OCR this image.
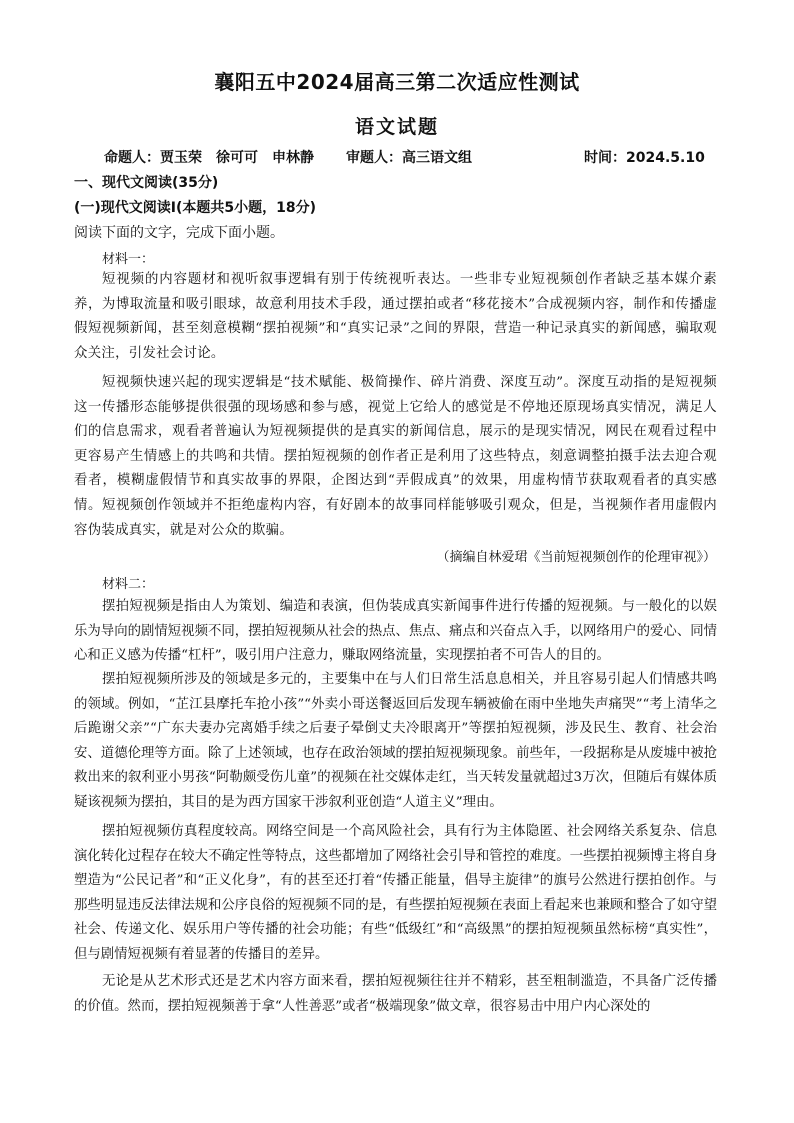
襄阳五中2024届高三第二次适应性测试
语文试题
命题人：贾玉荣　徐可可　申林静 审题人：高三语文组	时间：2024.5.10
一、现代文阅读(35分)
(一)现代文阅读Ⅰ(本题共5小题，18分)
阅读下面的文字，完成下面小题。
材料一：

短视频的内容题材和视听叙事逻辑有别于传统视听表达。一些非专业短视频创作者缺乏基本媒介素养，为博取流量和吸引眼球，故意利用技术手段，通过摆拍或者“移花接木”合成视频内容，制作和传播虚假短视频新闻，甚至刻意模糊“摆拍视频”和“真实记录”之间的界限，营造一种记录真实的新闻感，骗取观众关注，引发社会讨论。

短视频快速兴起的现实逻辑是“技术赋能、极简操作、碎片消费、深度互动”。深度互动指的是短视频这一传播形态能够提供很强的现场感和参与感，视觉上它给人的感觉是不停地还原现场真实情况，满足人们的信息需求，观看者普遍认为短视频提供的是真实的新闻信息，展示的是现实情况，网民在观看过程中更容易产生情感上的共鸣和共情。摆拍短视频的创作者正是利用了这些特点，刻意调整拍摄手法去迎合观看者，模糊虚假情节和真实故事的界限，企图达到“弄假成真”的效果，用虚构情节获取观看者的真实感情。短视频创作领域并不拒绝虚构内容，有好剧本的故事同样能够吸引观众，但是，当视频作者用虚假内容伪装成真实，就是对公众的欺骗。

（摘编自林爱珺《当前短视频创作的伦理审视》）
材料二：

摆拍短视频是指由人为策划、编造和表演，但伪装成真实新闻事件进行传播的短视频。与一般化的以娱乐为导向的剧情短视频不同，摆拍短视频从社会的热点、焦点、痛点和兴奋点入手，以网络用户的爱心、同情心和正义感为传播“杠杆”，吸引用户注意力，赚取网络流量，实现摆拍者不可告人的目的。

摆拍短视频所涉及的领域是多元的，主要集中在与人们日常生活息息相关，并且容易引起人们情感共鸣的领域。例如，“芷江县摩托车抢小孩”“外卖小哥送餐返回后发现车辆被偷在雨中坐地失声痛哭”“考上清华之后跪谢父亲”“广东夫妻办完离婚手续之后妻子晕倒丈夫冷眼离开”等摆拍短视频，涉及民生、教育、社会治安、道德伦理等方面。除了上述领域，也存在政治领域的摆拍短视频现象。前些年，一段据称是从废墟中被抢救出来的叙利亚小男孩“阿勒颇受伤儿童”的视频在社交媒体走红，当天转发量就超过3万次，但随后有媒体质疑该视频为摆拍，其目的是为西方国家干涉叙利亚创造“人道主义”理由。

摆拍短视频仿真程度较高。网络空间是一个高风险社会，具有行为主体隐匿、社会网络关系复杂、信息演化转化过程存在较大不确定性等特点，这些都增加了网络社会引导和管控的难度。一些摆拍视频博主将自身塑造为“公民记者”和“正义化身”，有的甚至还打着“传播正能量，倡导主旋律”的旗号公然进行摆拍创作。与那些明显违反法律法规和公序良俗的短视频不同的是，有些摆拍短视频在表面上看起来也兼顾和整合了如守望社会、传递文化、娱乐用户等传播的社会功能；有些“低级红”和“高级黑”的摆拍短视频虽然标榜“真实性”，但与剧情短视频有着显著的传播目的差异。

无论是从艺术形式还是艺术内容方面来看，摆拍短视频往往并不精彩，甚至粗制滥造，不具备广泛传播的价值。然而，摆拍短视频善于拿“人性善恶”或者“极端现象”做文章，很容易击中用户内心深处的
